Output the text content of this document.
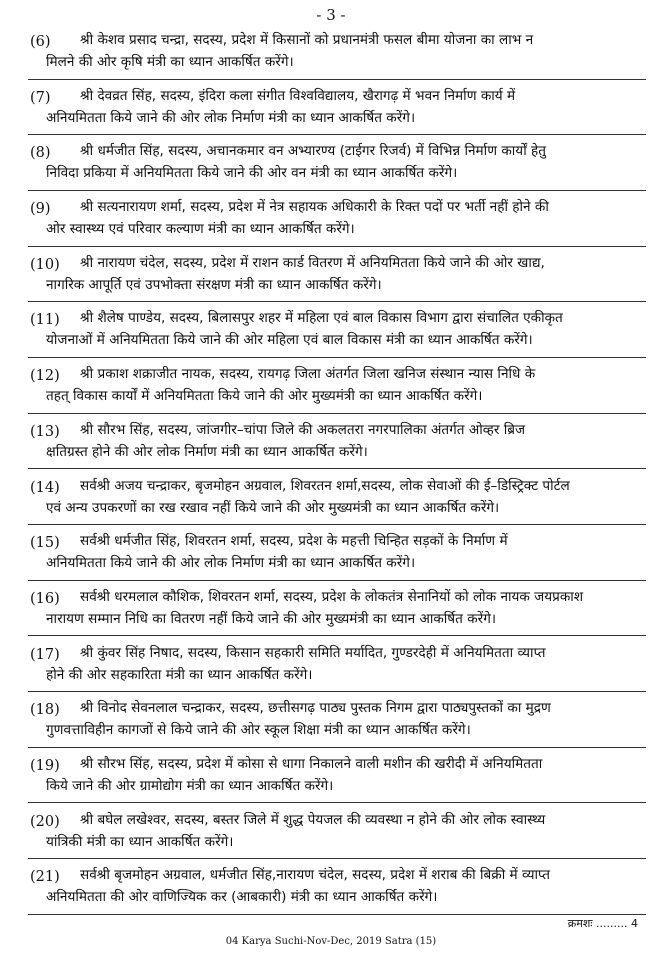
- 3 -
(6) श्री केशव प्रसाद चन्द्रा, सदस्य, प्रदेश में किसानों को प्रधानमंत्री फसल बीमा योजना का लाभ न
मिलने की ओर कृषि मंत्री का ध्यान आकर्षित करेंगे।
(7) श्री देवव्रत सिंह, सदस्य, इंदिरा कला संगीत विश्वविद्यालय, खैरागढ़ में भवन निर्माण कार्य में
अनियमितता किये जाने की ओर लोक निर्माण मंत्री का ध्यान आकर्षित करेंगे।
(8) श्री धर्मजीत सिंह, सदस्य, अचानकमार वन अभ्यारण्य (टाईगर रिजर्व) में विभिन्न निर्माण कार्यों हेतु
निविदा प्रकिया में अनियमितता किये जाने की ओर वन मंत्री का ध्यान आकर्षित करेंगे।
(9) श्री सत्यनारायण शर्मा, सदस्य, प्रदेश में नेत्र सहायक अधिकारी के रिक्त पदों पर भर्ती नहीं होने की
ओर स्वास्थ्य एवं परिवार कल्याण मंत्री का ध्यान आकर्षित करेंगे।
(10) श्री नारायण चंदेल, सदस्य, प्रदेश में राशन कार्ड वितरण में अनियमितता किये जाने की ओर खाद्य,
नागरिक आपूर्ति एवं उपभोक्ता संरक्षण मंत्री का ध्यान आकर्षित करेंगे।
(11) श्री शैलेष पाण्डेय, सदस्य, बिलासपुर शहर में महिला एवं बाल विकास विभाग द्वारा संचालित एकीकृत
योजनाओं में अनियमितता किये जाने की ओर महिला एवं बाल विकास मंत्री का ध्यान आकर्षित करेंगे।
(12) श्री प्रकाश शक्राजीत नायक, सदस्य, रायगढ़ जिला अंतर्गत जिला खनिज संस्थान न्यास निधि के
तहत् विकास कार्यों में अनियमितता किये जाने की ओर मुख्यमंत्री का ध्यान आकर्षित करेंगे।
(13) श्री सौरभ सिंह, सदस्य, जांजगीर–चांपा जिले की अकलतरा नगरपालिका अंतर्गत ओव्हर ब्रिज
क्षतिग्रस्त होने की ओर लोक निर्माण मंत्री का ध्यान आकर्षित करेंगे।
(14) सर्वश्री अजय चन्द्राकर, बृजमोहन अग्रवाल, शिवरतन शर्मा,सदस्य, लोक सेवाओं की ई–डिस्ट्रिक्ट पोर्टल
एवं अन्य उपकरणों का रख रखाव नहीं किये जाने की ओर मुख्यमंत्री का ध्यान आकर्षित करेंगे।
(15) सर्वश्री धर्मजीत सिंह, शिवरतन शर्मा, सदस्य, प्रदेश के महत्ती चिन्हित सड़कों के निर्माण में
अनियमितता किये जाने की ओर लोक निर्माण मंत्री का ध्यान आकर्षित करेंगे।
(16) सर्वश्री धरमलाल कौशिक, शिवरतन शर्मा, सदस्य, प्रदेश के लोकतंत्र सेनानियों को लोक नायक जयप्रकाश
नारायण सम्मान निधि का वितरण नहीं किये जाने की ओर मुख्यमंत्री का ध्यान आकर्षित करेंगे।
(17) श्री कुंवर सिंह निषाद, सदस्य, किसान सहकारी समिति मर्यादित, गुण्डरदेही में अनियमितता व्याप्त
होने की ओर सहकारिता मंत्री का ध्यान आकर्षित करेंगे।
(18) श्री विनोद सेवनलाल चन्द्राकर, सदस्य, छत्तीसगढ़ पाठ्य पुस्तक निगम द्वारा पाठ्यपुस्तकों का मुद्रण
गुणवत्ताविहीन कागजों से किये जाने की ओर स्कूल शिक्षा मंत्री का ध्यान आकर्षित करेंगे।
(19) श्री सौरभ सिंह, सदस्य, प्रदेश में कोसा से धागा निकालने वाली मशीन की खरीदी में अनियमितता
किये जाने की ओर ग्रामोद्योग मंत्री का ध्यान आकर्षित करेंगे।
(20) श्री बघेल लखेश्वर, सदस्य, बस्तर जिले में शुद्ध पेयजल की व्यवस्था न होने की ओर लोक स्वास्थ्य
यांत्रिकी मंत्री का ध्यान आकर्षित करेंगे।
(21) सर्वश्री बृजमोहन अग्रवाल, धर्मजीत सिंह,नारायण चंदेल, सदस्य, प्रदेश में शराब की बिक्री में व्याप्त
अनियमितता की ओर वाणिज्यिक कर (आबकारी) मंत्री का ध्यान आकर्षित करेंगे।
क्रमशः ......... 4
04 Karya Suchi-Nov-Dec, 2019 Satra (15)
